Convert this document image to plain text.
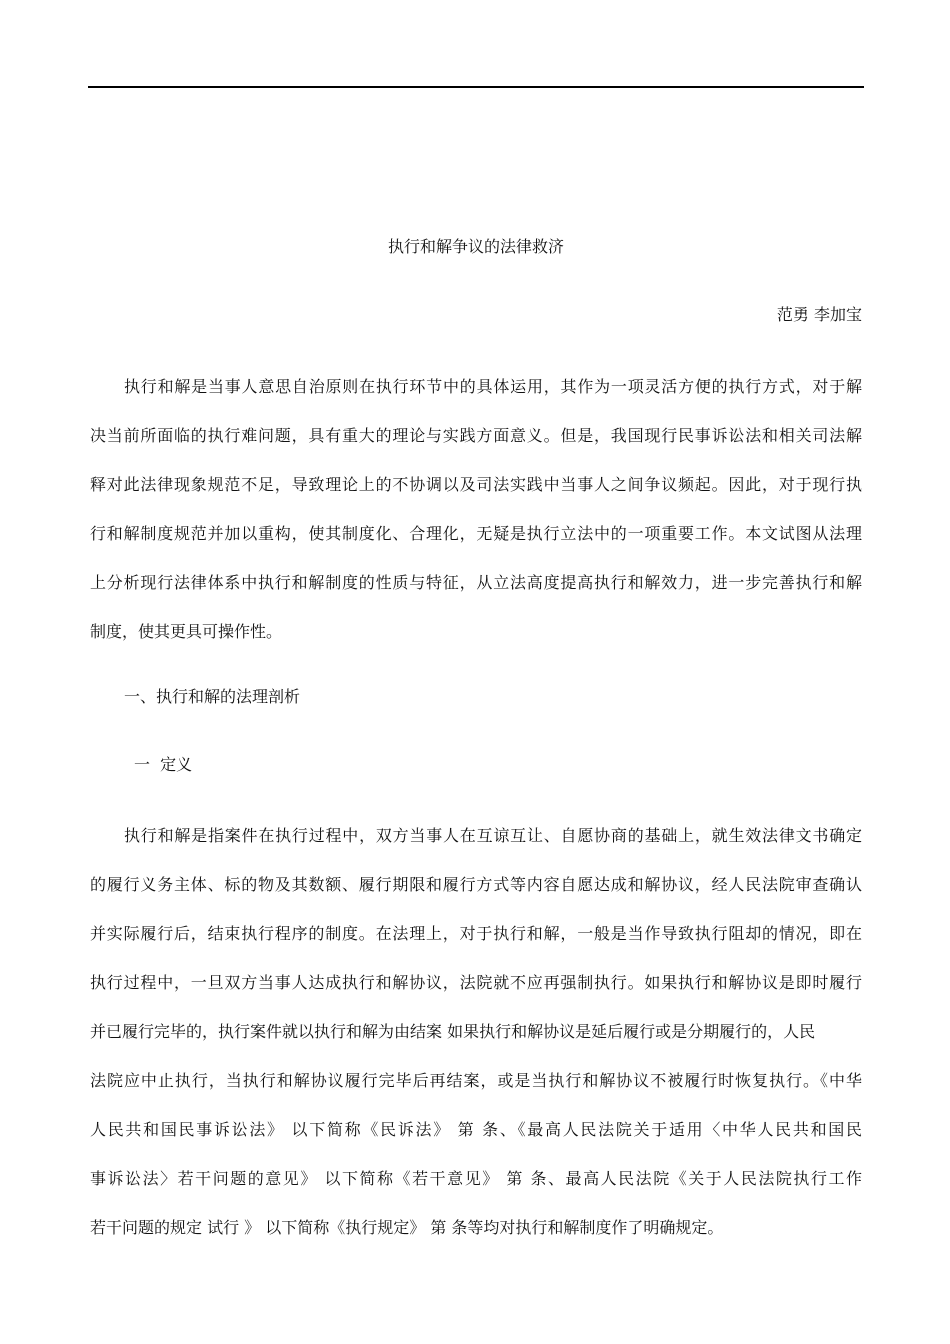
执行和解争议的法律救济
范勇 李加宝
执行和解是当事人意思自治原则在执行环节中的具体运用，其作为一项灵活方便的执行方式，对于解
决当前所面临的执行难问题，具有重大的理论与实践方面意义。但是，我国现行民事诉讼法和相关司法解
释对此法律现象规范不足，导致理论上的不协调以及司法实践中当事人之间争议频起。因此，对于现行执
行和解制度规范并加以重构，使其制度化、合理化，无疑是执行立法中的一项重要工作。本文试图从法理
上分析现行法律体系中执行和解制度的性质与特征，从立法高度提高执行和解效力，进一步完善执行和解
制度，使其更具可操作性。
一、执行和解的法理剖析
一  定义
执行和解是指案件在执行过程中，双方当事人在互谅互让、自愿协商的基础上，就生效法律文书确定
的履行义务主体、标的物及其数额、履行期限和履行方式等内容自愿达成和解协议，经人民法院审查确认
并实际履行后，结束执行程序的制度。在法理上，对于执行和解，一般是当作导致执行阻却的情况，即在
执行过程中，一旦双方当事人达成执行和解协议，法院就不应再强制执行。如果执行和解协议是即时履行
并已履行完毕的，执行案件就以执行和解为由结案 如果执行和解协议是延后履行或是分期履行的，人民
法院应中止执行，当执行和解协议履行完毕后再结案，或是当执行和解协议不被履行时恢复执行。《中华
人民共和国民事诉讼法》 以下简称《民诉法》 第 条、《最高人民法院关于适用〈中华人民共和国民
事诉讼法〉若干问题的意见》 以下简称《若干意见》 第 条、最高人民法院《关于人民法院执行工作
若干问题的规定 试行 》 以下简称《执行规定》 第 条等均对执行和解制度作了明确规定。
